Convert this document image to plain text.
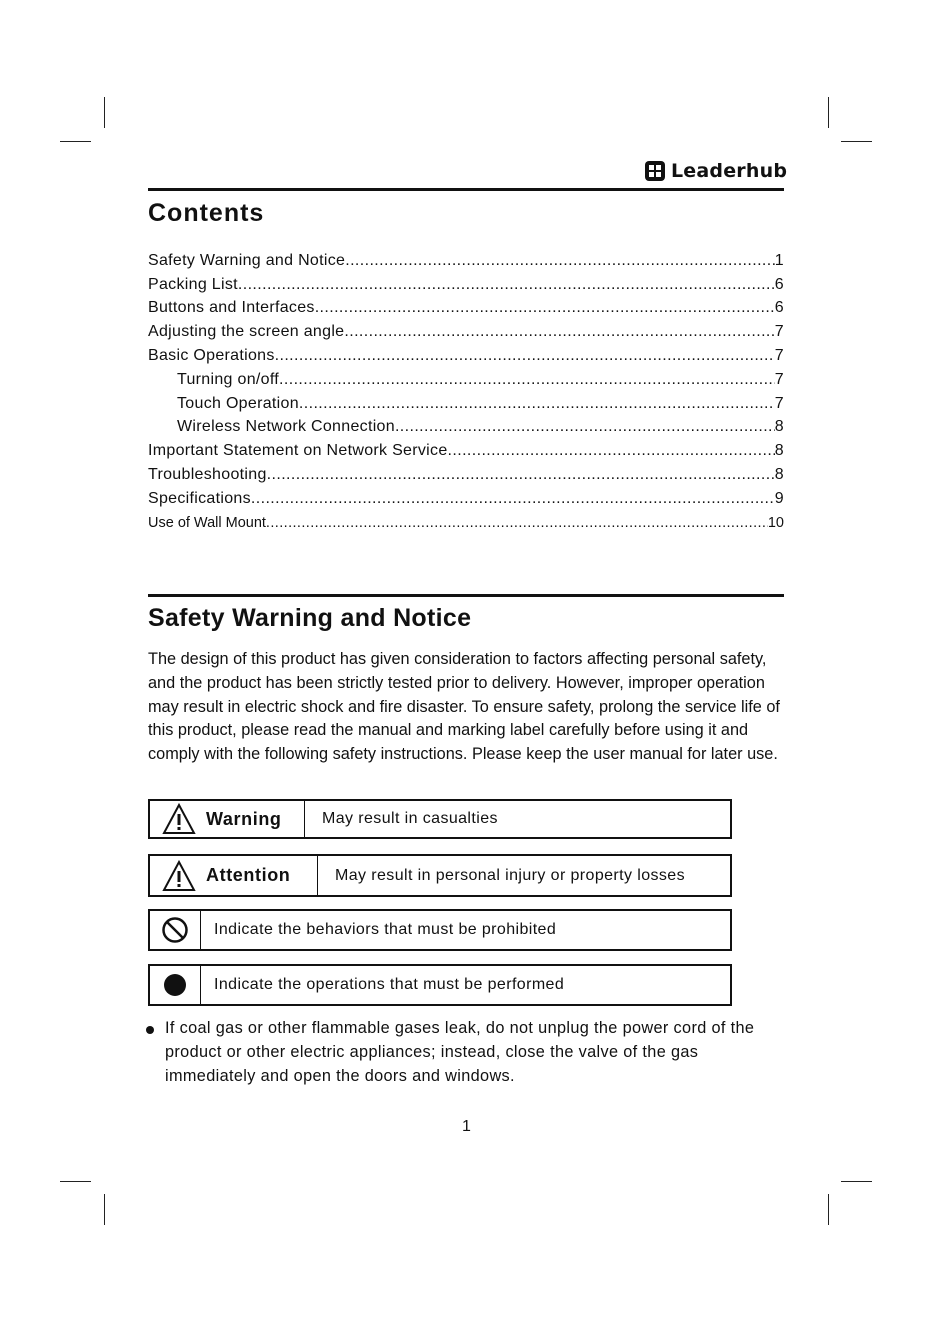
Leaderhub
Contents
Safety Warning and Notice .....	1
Packing List .....	6
Buttons and Interfaces .....	6
Adjusting the screen angle .....	7
Basic Operations .....	7
Turning on/off .....	7
Touch Operation .....	7
Wireless Network Connection .....	8
Important Statement on Network Service .....	8
Troubleshooting .....	8
Specifications .....	9
Use of Wall Mount .....	10
Safety Warning and Notice

The design of this product has given consideration to factors affecting personal safety, and the product has been strictly tested prior to delivery. However, improper operation may result in electric shock and fire disaster. To ensure safety, prolong the service life of this product, please read the manual and marking label carefully before using it and comply with the following safety instructions. Please keep the user manual for later use.

Warning	May result in casualties
Attention	May result in personal injury or property losses
Indicate the behaviors that must be prohibited
Indicate the operations that must be performed
If coal gas or other flammable gases leak, do not unplug the power cord of the product or other electric appliances; instead, close the valve of the gas immediately and open the doors and windows.
1
